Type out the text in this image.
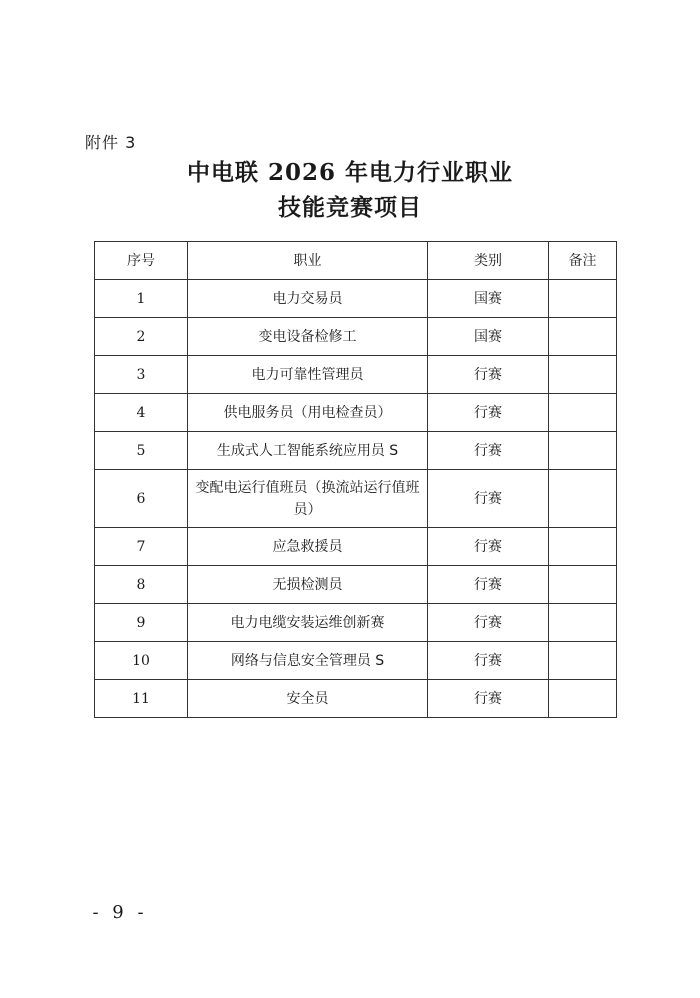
附件 3
中电联 2026 年电力行业职业
技能竞赛项目
序号	职业	类别	备注
1	电力交易员	国赛	
2	变电设备检修工	国赛	
3	电力可靠性管理员	行赛	
4	供电服务员（用电检查员）	行赛	
5	生成式人工智能系统应用员 S	行赛	
6	变配电运行值班员（换流站运行值班员）	行赛	
7	应急救援员	行赛	
8	无损检测员	行赛	
9	电力电缆安装运维创新赛	行赛	
10	网络与信息安全管理员 S	行赛	
11	安全员	行赛	
- 9 -
